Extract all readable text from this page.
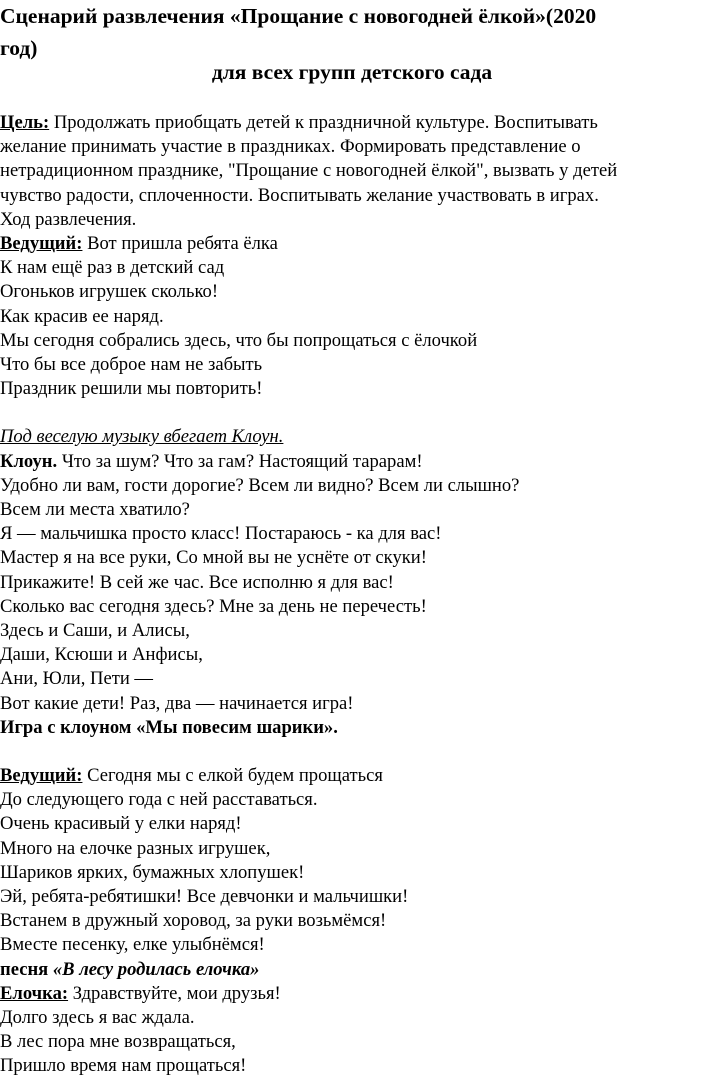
Сценарий развлечения «Прощание с новогодней ёлкой»(2020
год)
для всех групп детского сада
Цель: Продолжать приобщать детей к праздничной культуре. Воспитывать
желание принимать участие в праздниках. Формировать представление о
нетрадиционном празднике, "Прощание с новогодней ёлкой", вызвать у детей
чувство радости, сплоченности. Воспитывать желание участвовать в играх.
Ход развлечения.
Ведущий: Вот пришла ребята ёлка
К нам ещё раз в детский сад
Огоньков игрушек сколько!
Как красив ее наряд.
Мы сегодня собрались здесь, что бы попрощаться с ёлочкой
Что бы все доброе нам не забыть
Праздник решили мы повторить!
Под веселую музыку вбегает Клоун.
Клоун. Что за шум? Что за гам? Настоящий тарарам!
Удобно ли вам, гости дорогие? Всем ли видно? Всем ли слышно?
Всем ли места хватило?
Я — мальчишка просто класс! Постараюсь - ка для вас!
Мастер я на все руки, Со мной вы не уснёте от скуки!
Прикажите! В сей же час. Все исполню я для вас!
Сколько вас сегодня здесь? Мне за день не перечесть!
Здесь и Саши, и Алисы,
Даши, Ксюши и Анфисы,
Ани, Юли, Пети —
Вот какие дети! Раз, два — начинается игра!
Игра с клоуном «Мы повесим шарики».
Ведущий: Сегодня мы с елкой будем прощаться
До следующего года с ней расставаться.
Очень красивый у елки наряд!
Много на елочке разных игрушек,
Шариков ярких, бумажных хлопушек!
Эй, ребята-ребятишки! Все девчонки и мальчишки!
Встанем в дружный хоровод, за руки возьмёмся!
Вместе песенку, елке улыбнёмся!
песня «В лесу родилась елочка»
Елочка: Здравствуйте, мои друзья!
Долго здесь я вас ждала.
В лес пора мне возвращаться,
Пришло время нам прощаться!
